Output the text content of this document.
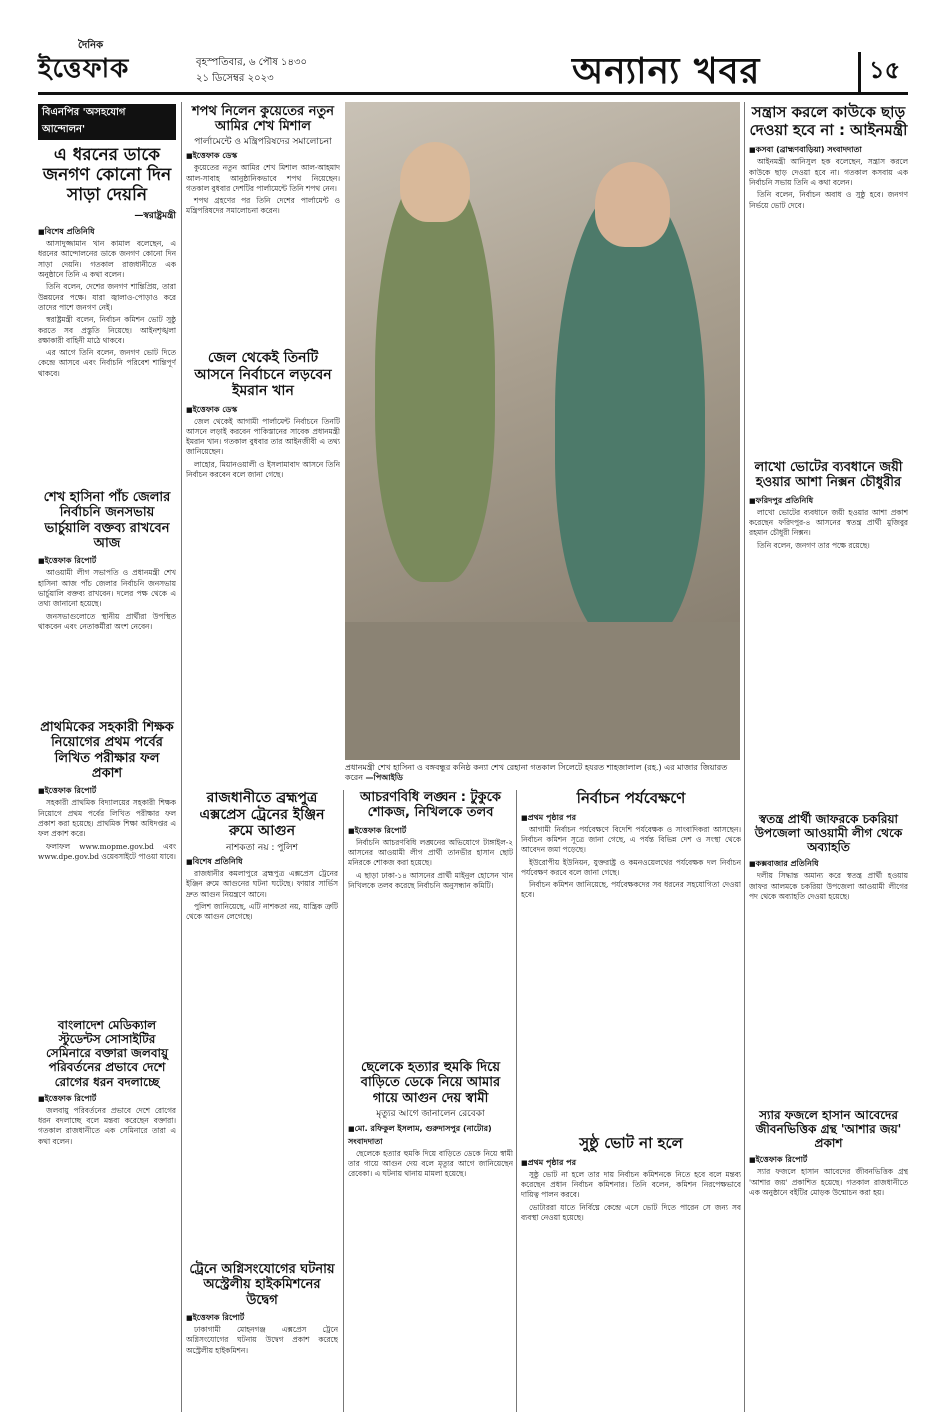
দৈনিক
ইত্তেফাক	বৃহস্পতিবার, ৬ পৌষ ১৪৩০
২১ ডিসেম্বর ২০২৩	অন্যান্য খবর	১৫
বিএনপির 'অসহযোগ আন্দোলন'
এ ধরনের ডাকে জনগণ কোনো দিন সাড়া দেয়নি
—স্বরাষ্ট্রমন্ত্রী
■ বিশেষ প্রতিনিধি

আসাদুজ্জামান খান কামাল বলেছেন, এ ধরনের আন্দোলনের ডাকে জনগণ কোনো দিন সাড়া দেয়নি। গতকাল রাজধানীতে এক অনুষ্ঠানে তিনি এ কথা বলেন।

তিনি বলেন, দেশের জনগণ শান্তিপ্রিয়, তারা উন্নয়নের পক্ষে। যারা জ্বালাও-পোড়াও করে তাদের পাশে জনগণ নেই।

স্বরাষ্ট্রমন্ত্রী বলেন, নির্বাচন কমিশন ভোট সুষ্ঠু করতে সব প্রস্তুতি নিয়েছে। আইনশৃঙ্খলা রক্ষাকারী বাহিনী মাঠে থাকবে।

এর আগে তিনি বলেন, জনগণ ভোট দিতে কেন্দ্রে আসবে এবং নির্বাচনি পরিবেশ শান্তিপূর্ণ থাকবে।

শেখ হাসিনা পাঁচ জেলার নির্বাচনি জনসভায় ভার্চুয়ালি বক্তব্য রাখবেন আজ
■ ইত্তেফাক রিপোর্ট

আওয়ামী লীগ সভাপতি ও প্রধানমন্ত্রী শেখ হাসিনা আজ পাঁচ জেলার নির্বাচনি জনসভায় ভার্চুয়ালি বক্তব্য রাখবেন। দলের পক্ষ থেকে এ তথ্য জানানো হয়েছে।

জনসভাগুলোতে স্থানীয় প্রার্থীরা উপস্থিত থাকবেন এবং নেতাকর্মীরা অংশ নেবেন।

প্রাথমিকের সহকারী শিক্ষক নিয়োগের প্রথম পর্বের লিখিত পরীক্ষার ফল প্রকাশ
■ ইত্তেফাক রিপোর্ট

সহকারী প্রাথমিক বিদ্যালয়ের সহকারী শিক্ষক নিয়োগে প্রথম পর্বের লিখিত পরীক্ষার ফল প্রকাশ করা হয়েছে। প্রাথমিক শিক্ষা অধিদপ্তর এ ফল প্রকাশ করে।

ফলাফল www.mopme.gov.bd এবং www.dpe.gov.bd ওয়েবসাইটে পাওয়া যাবে।

বাংলাদেশ মেডিক্যাল স্টুডেন্টস সোসাইটির সেমিনারে বক্তারা জলবায়ু পরিবর্তনের প্রভাবে দেশে রোগের ধরন বদলাচ্ছে
■ ইত্তেফাক রিপোর্ট

জলবায়ু পরিবর্তনের প্রভাবে দেশে রোগের ধরন বদলাচ্ছে বলে মন্তব্য করেছেন বক্তারা। গতকাল রাজধানীতে এক সেমিনারে তারা এ কথা বলেন।

শপথ নিলেন কুয়েতের নতুন আমির শেখ মিশাল
পার্লামেন্টে ও মন্ত্রিপরিষদের সমালোচনা
■ ইত্তেফাক ডেস্ক

কুয়েতের নতুন আমির শেখ মিশাল আল-আহমাদ আল-সাবাহ আনুষ্ঠানিকভাবে শপথ নিয়েছেন। গতকাল বুধবার দেশটির পার্লামেন্টে তিনি শপথ নেন।

শপথ গ্রহণের পর তিনি দেশের পার্লামেন্ট ও মন্ত্রিপরিষদের সমালোচনা করেন।

জেল থেকেই তিনটি আসনে নির্বাচনে লড়বেন ইমরান খান
■ ইত্তেফাক ডেস্ক

জেল থেকেই আগামী পার্লামেন্ট নির্বাচনে তিনটি আসনে লড়াই করবেন পাকিস্তানের সাবেক প্রধানমন্ত্রী ইমরান খান। গতকাল বুধবার তার আইনজীবী এ তথ্য জানিয়েছেন।

লাহোর, মিয়ানওয়ালী ও ইসলামাবাদ আসনে তিনি নির্বাচন করবেন বলে জানা গেছে।

রাজধানীতে ব্রহ্মপুত্র এক্সপ্রেস ট্রেনের ইঞ্জিন রুমে আগুন
নাশকতা নয় : পুলিশ
■ বিশেষ প্রতিনিধি

রাজধানীর কমলাপুরে ব্রহ্মপুত্র এক্সপ্রেস ট্রেনের ইঞ্জিন রুমে আগুনের ঘটনা ঘটেছে। ফায়ার সার্ভিস দ্রুত আগুন নিয়ন্ত্রণে আনে।

পুলিশ জানিয়েছে, এটি নাশকতা নয়, যান্ত্রিক ত্রুটি থেকে আগুন লেগেছে।

ট্রেনে অগ্নিসংযোগের ঘটনায় অস্ট্রেলীয় হাইকমিশনের উদ্বেগ
■ ইত্তেফাক রিপোর্ট

ঢাকাগামী মোহনগঞ্জ এক্সপ্রেস ট্রেনে অগ্নিসংযোগের ঘটনায় উদ্বেগ প্রকাশ করেছে অস্ট্রেলীয় হাইকমিশন।

প্রধানমন্ত্রী শেখ হাসিনা ও বঙ্গবন্ধুর কনিষ্ঠ কন্যা শেখ রেহানা গতকাল সিলেটে হযরত শাহজালাল (রহ.) এর মাজার জিয়ারত করেন —পিআইডি
আচরণবিধি লঙ্ঘন : টুকুকে শোকজ, নিখিলকে তলব
■ ইত্তেফাক রিপোর্ট

নির্বাচনি আচরণবিধি লঙ্ঘনের অভিযোগে টাঙ্গাইল-২ আসনের আওয়ামী লীগ প্রার্থী তানভীর হাসান ছোট মনিরকে শোকজ করা হয়েছে।

এ ছাড়া ঢাকা-১৪ আসনের প্রার্থী মাইনুল হোসেন খান নিখিলকে তলব করেছে নির্বাচনি অনুসন্ধান কমিটি।

ছেলেকে হত্যার হুমকি দিয়ে বাড়িতে ডেকে নিয়ে আমার গায়ে আগুন দেয় স্বামী
মৃত্যুর আগে জানালেন রেবেকা
■ মো. রফিকুল ইসলাম, গুরুদাসপুর (নাটোর) সংবাদদাতা

ছেলেকে হত্যার হুমকি দিয়ে বাড়িতে ডেকে নিয়ে স্বামী তার গায়ে আগুন দেয় বলে মৃত্যুর আগে জানিয়েছেন রেবেকা। এ ঘটনায় থানায় মামলা হয়েছে।

নির্বাচন পর্যবেক্ষণে
■ প্রথম পৃষ্ঠার পর

আগামী নির্বাচন পর্যবেক্ষণে বিদেশি পর্যবেক্ষক ও সাংবাদিকরা আসছেন। নির্বাচন কমিশন সূত্রে জানা গেছে, এ পর্যন্ত বিভিন্ন দেশ ও সংস্থা থেকে আবেদন জমা পড়েছে।

ইউরোপীয় ইউনিয়ন, যুক্তরাষ্ট্র ও কমনওয়েলথের পর্যবেক্ষক দল নির্বাচন পর্যবেক্ষণ করবে বলে জানা গেছে।

নির্বাচন কমিশন জানিয়েছে, পর্যবেক্ষকদের সব ধরনের সহযোগিতা দেওয়া হবে।

সুষ্ঠু ভোট না হলে
■ প্রথম পৃষ্ঠার পর

সুষ্ঠু ভোট না হলে তার দায় নির্বাচন কমিশনকে নিতে হবে বলে মন্তব্য করেছেন প্রধান নির্বাচন কমিশনার। তিনি বলেন, কমিশন নিরপেক্ষভাবে দায়িত্ব পালন করবে।

ভোটাররা যাতে নির্বিঘ্নে কেন্দ্রে এসে ভোট দিতে পারেন সে জন্য সব ব্যবস্থা নেওয়া হয়েছে।

সন্ত্রাস করলে কাউকে ছাড় দেওয়া হবে না : আইনমন্ত্রী
■ কসবা (ব্রাহ্মণবাড়িয়া) সংবাদদাতা

আইনমন্ত্রী আনিসুল হক বলেছেন, সন্ত্রাস করলে কাউকে ছাড় দেওয়া হবে না। গতকাল কসবায় এক নির্বাচনি সভায় তিনি এ কথা বলেন।

তিনি বলেন, নির্বাচন অবাধ ও সুষ্ঠু হবে। জনগণ নির্ভয়ে ভোট দেবে।

লাখো ভোটের ব্যবধানে জয়ী হওয়ার আশা নিক্সন চৌধুরীর
■ ফরিদপুর প্রতিনিধি

লাখো ভোটের ব্যবধানে জয়ী হওয়ার আশা প্রকাশ করেছেন ফরিদপুর-৪ আসনের স্বতন্ত্র প্রার্থী মুজিবুর রহমান চৌধুরী নিক্সন।

তিনি বলেন, জনগণ তার পক্ষে রয়েছে।

স্বতন্ত্র প্রার্থী জাফরকে চকরিয়া উপজেলা আওয়ামী লীগ থেকে অব্যাহতি
■ কক্সবাজার প্রতিনিধি

দলীয় সিদ্ধান্ত অমান্য করে স্বতন্ত্র প্রার্থী হওয়ায় জাফর আলমকে চকরিয়া উপজেলা আওয়ামী লীগের পদ থেকে অব্যাহতি দেওয়া হয়েছে।

স্যার ফজলে হাসান আবেদের জীবনভিত্তিক গ্রন্থ 'আশার জয়' প্রকাশ
■ ইত্তেফাক রিপোর্ট

স্যার ফজলে হাসান আবেদের জীবনভিত্তিক গ্রন্থ 'আশার জয়' প্রকাশিত হয়েছে। গতকাল রাজধানীতে এক অনুষ্ঠানে বইটির মোড়ক উন্মোচন করা হয়।
